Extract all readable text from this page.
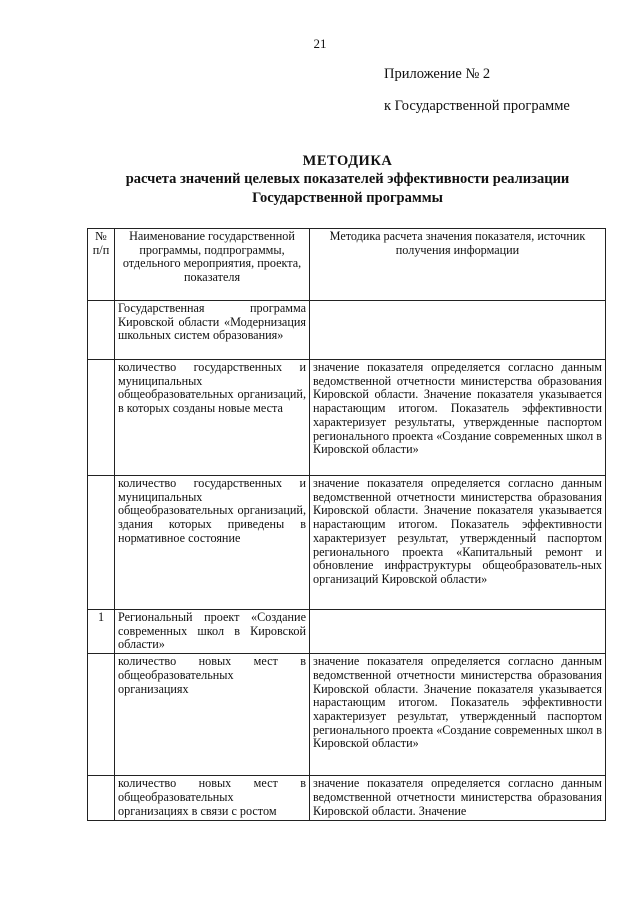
21
Приложение № 2
к Государственной программе
МЕТОДИКА
расчета значений целевых показателей эффективности реализации
Государственной программы
№ п/п	Наименование государственной программы, подпрограммы, отдельного мероприятия, проекта, показателя	Методика расчета значения показателя, источник получения информации
	Государственная программа Кировской области «Модернизация школьных систем образования»	
	количество государственных и муниципальных общеобразовательных организаций, в которых созданы новые места	значение показателя определяется согласно данным ведомственной отчетности министерства образования Кировской области. Значение показателя указывается нарастающим итогом. Показатель эффективности характеризует результаты, утвержденные паспортом регионального проекта «Создание современных школ в Кировской области»
	количество государственных и муниципальных общеобразовательных организаций, здания которых приведены в нормативное состояние	значение показателя определяется согласно данным ведомственной отчетности министерства образования Кировской области. Значение показателя указывается нарастающим итогом. Показатель эффективности характеризует результат, утвержденный паспортом регионального проекта «Капитальный ремонт и обновление инфраструктуры общеобразователь-ных организаций Кировской области»
1	Региональный проект «Создание современных школ в Кировской области»	
	количество новых мест в общеобразовательных организациях	значение показателя определяется согласно данным ведомственной отчетности министерства образования Кировской области. Значение показателя указывается нарастающим итогом. Показатель эффективности характеризует результат, утвержденный паспортом регионального проекта «Создание современных школ в Кировской области»
	количество новых мест в общеобразовательных организациях в связи с ростом	значение показателя определяется согласно данным ведомственной отчетности министерства образования Кировской области. Значение
